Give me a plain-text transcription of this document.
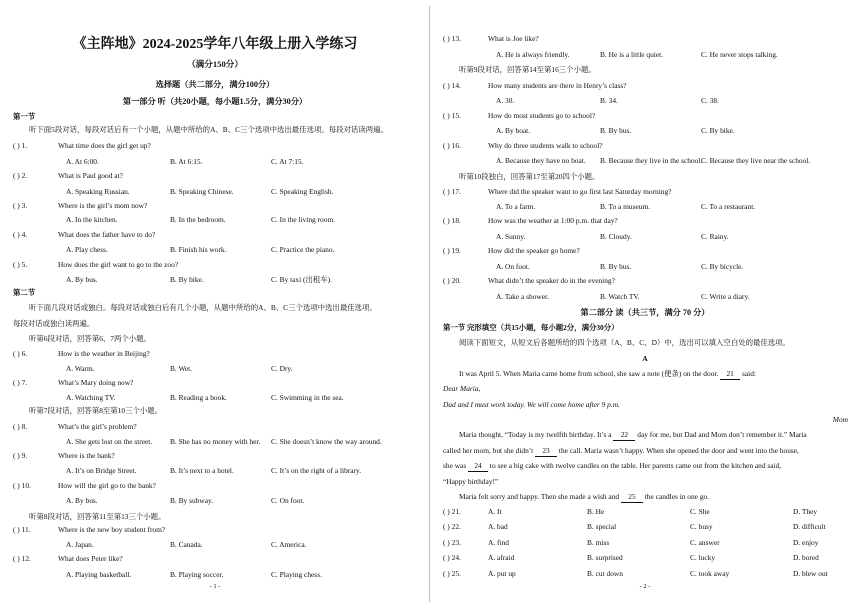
《主阵地》2024-2025学年八年级上册入学练习
（满分150分）
选择题（共二部分，满分100分）
第一部分 听（共20小题，每小题1.5分，满分30分）
第一节
听下面5段对话，每段对话后有一个小题，从题中所给的A、B、C三个选项中选出最佳选项。每段对话读两遍。
第二节
听下面几段对话或独白。每段对话或独白后有几个小题，从题中所给的A、B、C三个选项中选出最佳选项。
每段对话或独白读两遍。
听第6段对话，回答第6、7两个小题。
听第7段对话，回答第8至第10三个小题。
听第8段对话，回答第11至第13三个小题。
- 1 -
( ) 1.	What time does the girl get up?
A. At 6:00.	B. At 6:15.	C. At 7:15.
( ) 2.	What is Paul good at?
A. Speaking Russian.	B. Speaking Chinese.	C. Speaking English.
( ) 3.	Where is the girl’s mom now?
A. In the kitchen.	B. In the bedroom.	C. In the living room.
( ) 4.	What does the father have to do?
A. Play chess.	B. Finish his work.	C. Practice the piano.
( ) 5.	How does the girl want to go to the zoo?
A. By bus.	B. By bike.	C. By taxi (出租车).
( ) 6.	How is the weather in Beijing?
A. Warm.	B. Wet.	C. Dry.
( ) 7.	What’s Mary doing now?
A. Watching TV.	B. Reading a book.	C. Swimming in the sea.
( ) 8.	What’s the girl’s problem?
A. She gets lost on the street. B. She has no money with her. C. She doesn’t know the way around.
( ) 9.	Where is the bank?
A. It’s on Bridge Street.	B. It’s next to a hotel.	C. It’s on the right of a library.
( ) 10.	How will the girl go to the bank?
A. By bus.	B. By subway.	C. On foot.
( ) 11.	Where is the new boy student from?
A. Japan.	B. Canada.	C. America.
( ) 12.	What does Peter like?
A. Playing basketball.	B. Playing soccer.	C. Playing chess.
听第9段对话，回答第14至第16三个小题。
听第10段独白，回答第17至第20四个小题。
第二部分 读（共三节，满分 70 分）
第一节 完形填空（共15小题，每小题2分，满分30分）
阅读下面短文，从短文后各题所给的四个选项（A、B、C、D）中，选出可以填入空白处的最佳选项。
A
It was April 5. When Maria came home from school, she saw a note (便条) on the door. 21 said:
Dear Maria,
Dad and I must work today. We will come home after 9 p.m.
Mom
Maria thought, “Today is my twelfth birthday. It’s a 22 day for me, but Dad and Mom don’t remember it.” Maria
called her mom, but she didn’t 23 the call. Maria wasn’t happy. When she opened the door and went into the house,
she was 24 to see a big cake with twelve candles on the table. Her parents came out from the kitchen and said,
“Happy birthday!”
Maria felt sorry and happy. Then she made a wish and 25 the candles in one go.
- 2 -
( ) 13.	What is Joe like?
A. He is always friendly.	B. He is a little quiet.	C. He never stops talking.
( ) 14.	How many students are there in Henry’s class?
A. 30.	B. 34.	C. 38.
( ) 15.	How do most students go to school?
A. By boat.	B. By bus.	C. By bike.
( ) 16.	Why do three students walk to school?
A. Because they have no boat. B. Because they live in the school.
C. Because they live near the school.
( ) 17.	Where did the speaker want to go first last Saturday morning?
A. To a farm.	B. To a museum.	C. To a restaurant.
( ) 18.	How was the weather at 1:00 p.m. that day?
A. Sunny.	B. Cloudy.	C. Rainy.
( ) 19.	How did the speaker go home?
A. On foot.	B. By bus.	C. By bicycle.
( ) 20.	What didn’t the speaker do in the evening?
A. Take a shower.	B. Watch TV.	C. Write a diary.
( ) 21.	A. It	B. He	C. She	D. They
( ) 22.	A. bad	B. special	C. busy	D. difficult
( ) 23.	A. find	B. miss	C. answer	D. enjoy
( ) 24.	A. afraid	B. surprised	C. lucky	D. bored
( ) 25.	A. put up	B. cut down	C. took away	D. blew out
